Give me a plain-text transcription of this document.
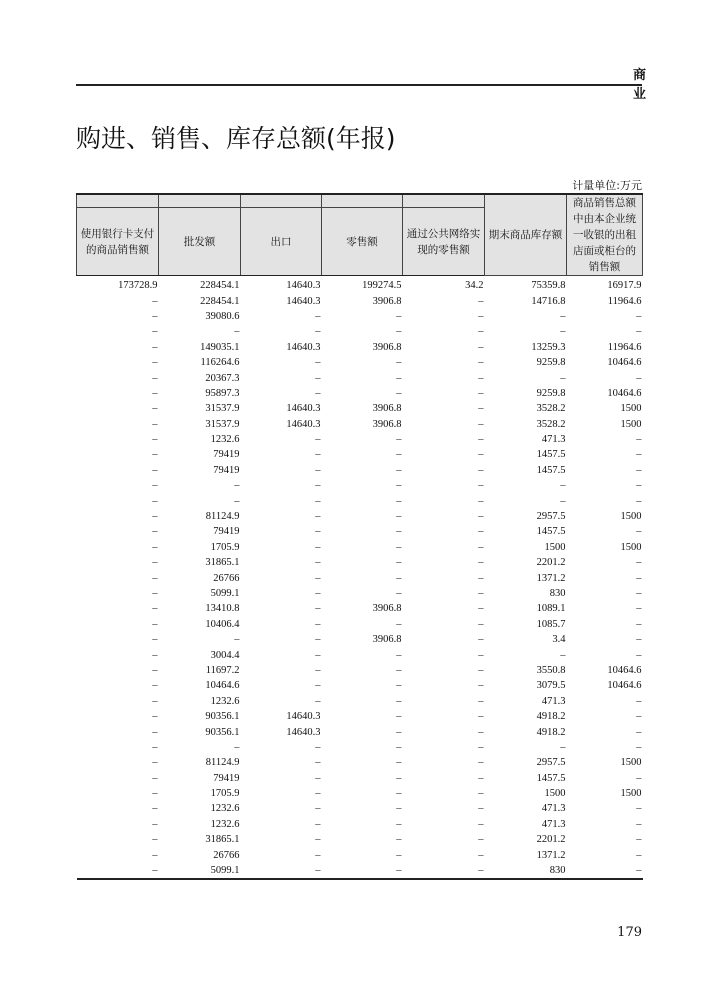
商 业
购进、销售、库存总额(年报)
计量单位:万元
					期末商品库存额	商品销售总额中由本企业统一收银的出租店面或柜台的销售额
使用银行卡支付的商品销售额	批发额	出口	零售额	通过公共网络实现的零售额		
173728.9	228454.1	14640.3	199274.5	34.2	75359.8	16917.9
–	228454.1	14640.3	3906.8	–	14716.8	11964.6
–	39080.6	–	–	–	–	–
–	–	–	–	–	–	–
–	149035.1	14640.3	3906.8	–	13259.3	11964.6
–	116264.6	–	–	–	9259.8	10464.6
–	20367.3	–	–	–	–	–
–	95897.3	–	–	–	9259.8	10464.6
–	31537.9	14640.3	3906.8	–	3528.2	1500
–	31537.9	14640.3	3906.8	–	3528.2	1500
–	1232.6	–	–	–	471.3	–
–	79419	–	–	–	1457.5	–
–	79419	–	–	–	1457.5	–
–	–	–	–	–	–	–
–	–	–	–	–	–	–
–	81124.9	–	–	–	2957.5	1500
–	79419	–	–	–	1457.5	–
–	1705.9	–	–	–	1500	1500
–	31865.1	–	–	–	2201.2	–
–	26766	–	–	–	1371.2	–
–	5099.1	–	–	–	830	–
–	13410.8	–	3906.8	–	1089.1	–
–	10406.4	–	–	–	1085.7	–
–	–	–	3906.8	–	3.4	–
–	3004.4	–	–	–	–	–
–	11697.2	–	–	–	3550.8	10464.6
–	10464.6	–	–	–	3079.5	10464.6
–	1232.6	–	–	–	471.3	–
–	90356.1	14640.3	–	–	4918.2	–
–	90356.1	14640.3	–	–	4918.2	–
–	–	–	–	–	–	–
–	81124.9	–	–	–	2957.5	1500
–	79419	–	–	–	1457.5	–
–	1705.9	–	–	–	1500	1500
–	1232.6	–	–	–	471.3	–
–	1232.6	–	–	–	471.3	–
–	31865.1	–	–	–	2201.2	–
–	26766	–	–	–	1371.2	–
–	5099.1	–	–	–	830	–
179
